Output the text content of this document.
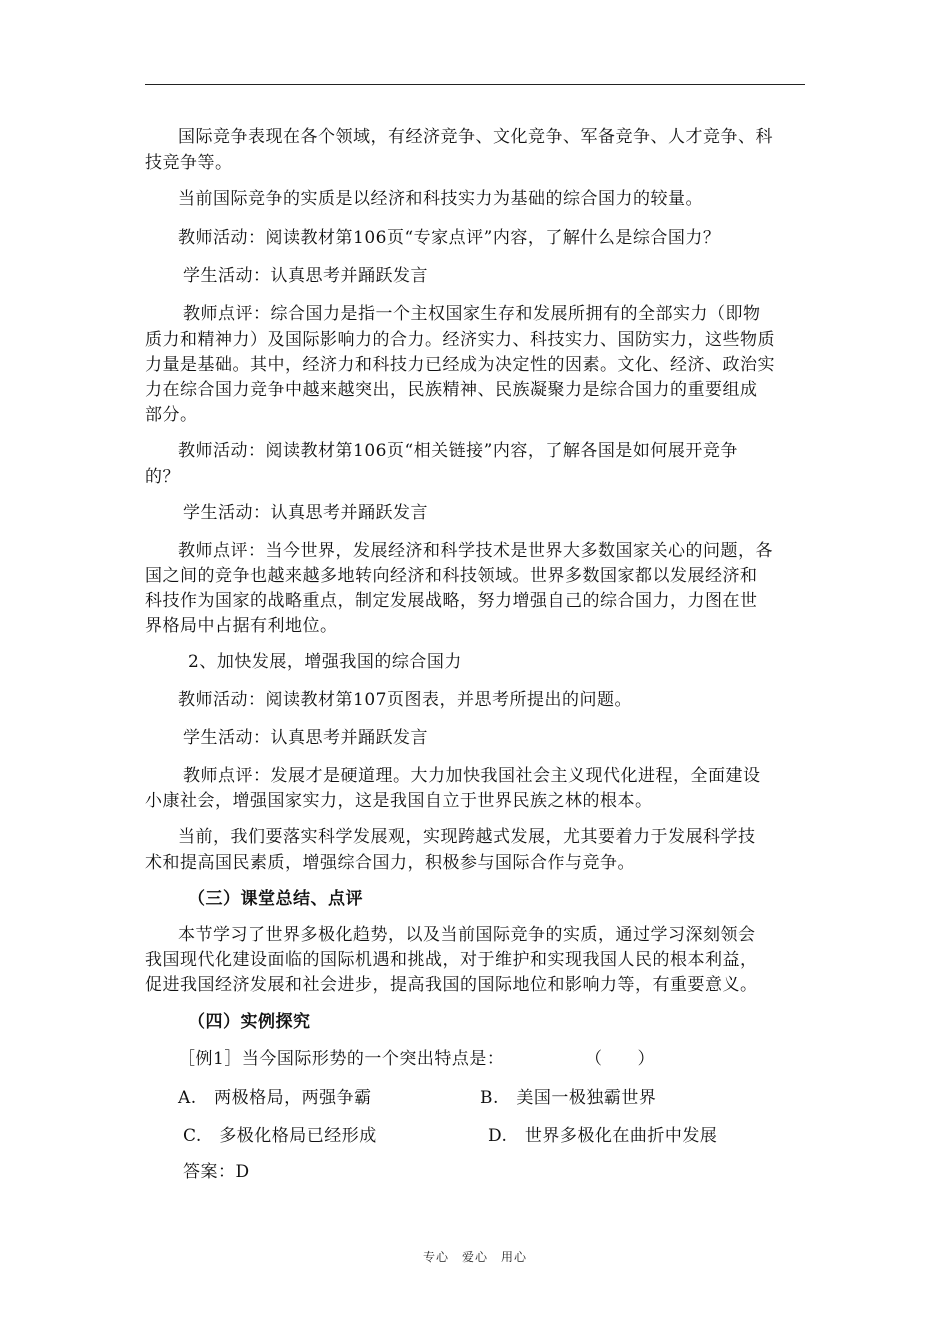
国际竞争表现在各个领域，有经济竞争、文化竞争、军备竞争、人才竞争、科
技竞争等。
当前国际竞争的实质是以经济和科技实力为基础的综合国力的较量。
教师活动：阅读教材第106页“专家点评”内容，了解什么是综合国力？
学生活动：认真思考并踊跃发言
教师点评：综合国力是指一个主权国家生存和发展所拥有的全部实力（即物
质力和精神力）及国际影响力的合力。经济实力、科技实力、国防实力，这些物质
力量是基础。其中，经济力和科技力已经成为决定性的因素。文化、经济、政治实
力在综合国力竞争中越来越突出，民族精神、民族凝聚力是综合国力的重要组成
部分。
教师活动：阅读教材第106页“相关链接”内容，了解各国是如何展开竞争
的？
学生活动：认真思考并踊跃发言
教师点评：当今世界，发展经济和科学技术是世界大多数国家关心的问题，各
国之间的竞争也越来越多地转向经济和科技领域。世界多数国家都以发展经济和
科技作为国家的战略重点，制定发展战略，努力增强自己的综合国力，力图在世
界格局中占据有利地位。
2、加快发展，增强我国的综合国力
教师活动：阅读教材第107页图表，并思考所提出的问题。
学生活动：认真思考并踊跃发言
教师点评：发展才是硬道理。大力加快我国社会主义现代化进程，全面建设
小康社会，增强国家实力，这是我国自立于世界民族之林的根本。
当前，我们要落实科学发展观，实现跨越式发展，尤其要着力于发展科学技
术和提高国民素质，增强综合国力，积极参与国际合作与竞争。
（三）课堂总结、点评
本节学习了世界多极化趋势，以及当前国际竞争的实质，通过学习深刻领会
我国现代化建设面临的国际机遇和挑战，对于维护和实现我国人民的根本利益，
促进我国经济发展和社会进步，提高我国的国际地位和影响力等，有重要意义。
（四）实例探究
［例1］当今国际形势的一个突出特点是：	（　　）
A.　两极格局，两强争霸	B.　美国一极独霸世界
C.　多极化格局已经形成	D.　世界多极化在曲折中发展
答案：D
专心　爱心　用心
